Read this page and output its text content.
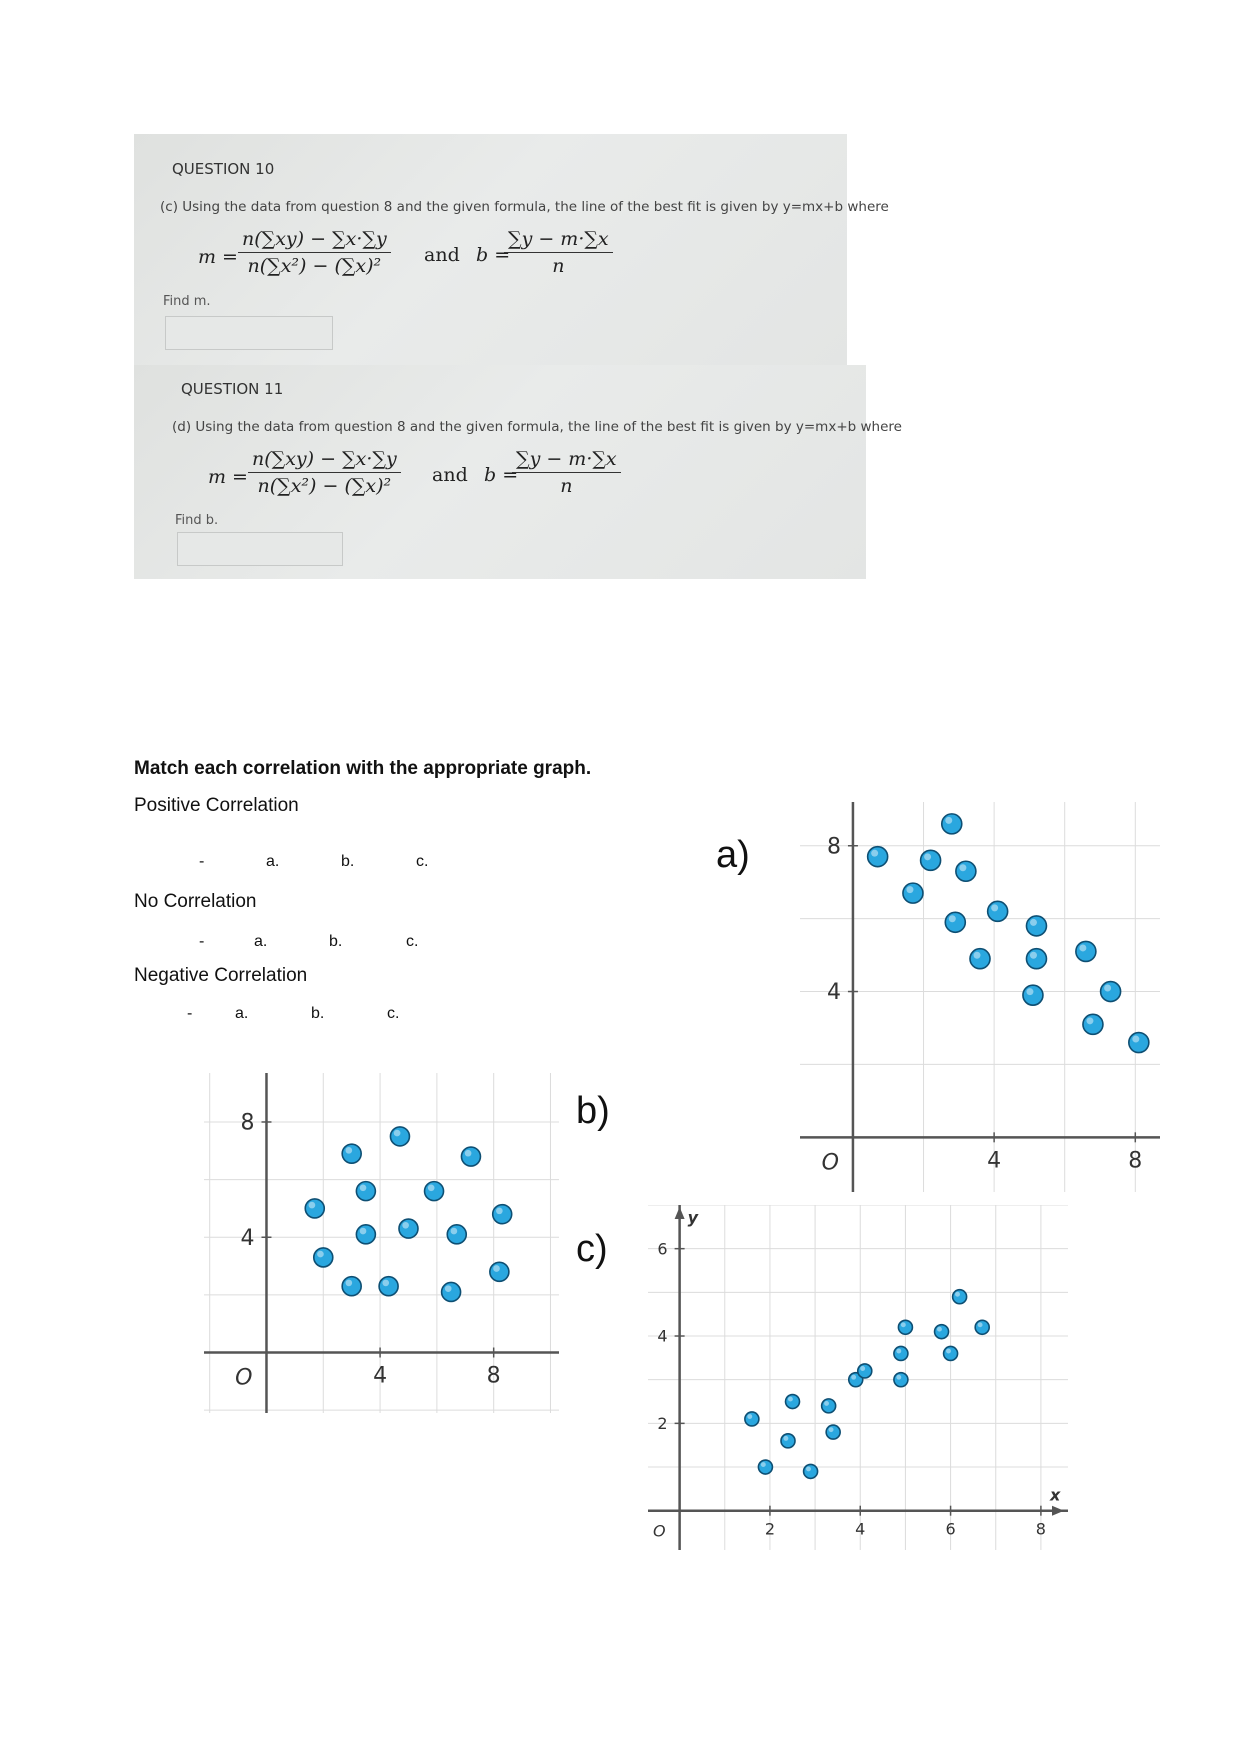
QUESTION 10
(c) Using the data from question 8 and the given formula, the line of the best fit is given by y=mx+b where
$m = \frac{n(\sum xy) - \sum x\cdot\sum y}{\text{n(∑x²) − (∑x)²}}$ and b =
$\frac{\sum y - m\cdot\sum x}{n}$
Find m.
QUESTION 11
(d) Using the data from question 8 and the given formula, the line of the best fit is given by y=mx+b where
$m = \frac{n(\sum xy) - \sum x\cdot\sum y}{\text{n(∑x²) − (∑x)²}}$ and b =
$\frac{\sum y - m\cdot\sum x}{n}$
Find b.
Match each correlation with the appropriate graph.
Positive Correlation
-	a.	b.	c.
No Correlation
-	a.	b.	c.
Negative Correlation
-	a.	b.	c.
a)
b)
c)
4	8
8
4
O
4	8
8
4
O
2	4	6	8
6
4
2
O
x
y
